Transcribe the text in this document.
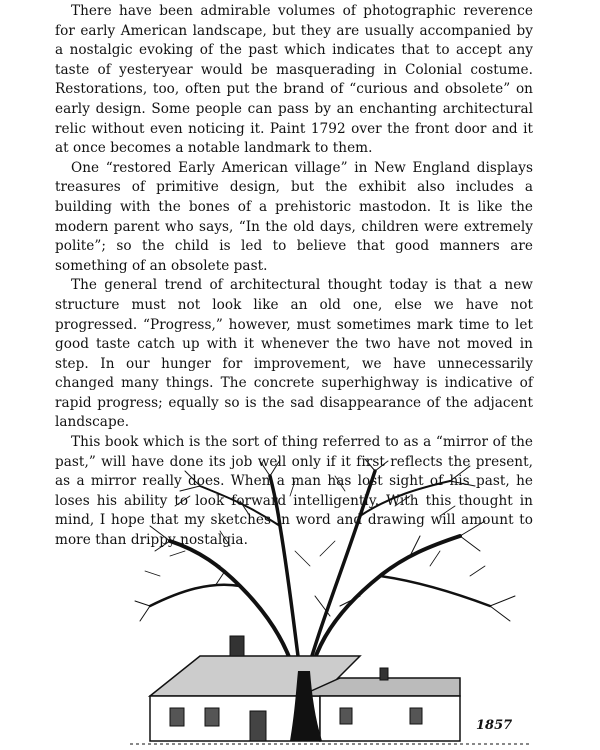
There have been admirable volumes of photographic reverence for early American landscape, but they are usually accompanied by a nostalgic evoking of the past which indicates that to accept any taste of yesteryear would be masquerading in Colonial costume. Restorations, too, often put the brand of “curious and obsolete” on early design. Some people can pass by an enchanting architectural relic without even noticing it. Paint 1792 over the front door and it at once becomes a notable landmark to them.

One “restored Early American village” in New England displays treasures of primitive design, but the exhibit also includes a building with the bones of a prehistoric mastodon. It is like the modern parent who says, “In the old days, children were extremely polite”; so the child is led to believe that good manners are something of an obsolete past.

The general trend of architectural thought today is that a new structure must not look like an old one, else we have not progressed. “Progress,” however, must sometimes mark time to let good taste catch up with it whenever the two have not moved in step. In our hunger for improvement, we have unnecessarily changed many things. The concrete superhighway is indicative of rapid progress; equally so is the sad disappearance of the adjacent landscape.

This book which is the sort of thing referred to as a “mirror of the past,” will have done its job well only if it first reflects the present, as a mirror really does. When a man has lost sight of his past, he loses his ability to look forward intelligently. With this thought in mind, I hope that my sketches in word and drawing will amount to more than drippy nostalgia.

1857
